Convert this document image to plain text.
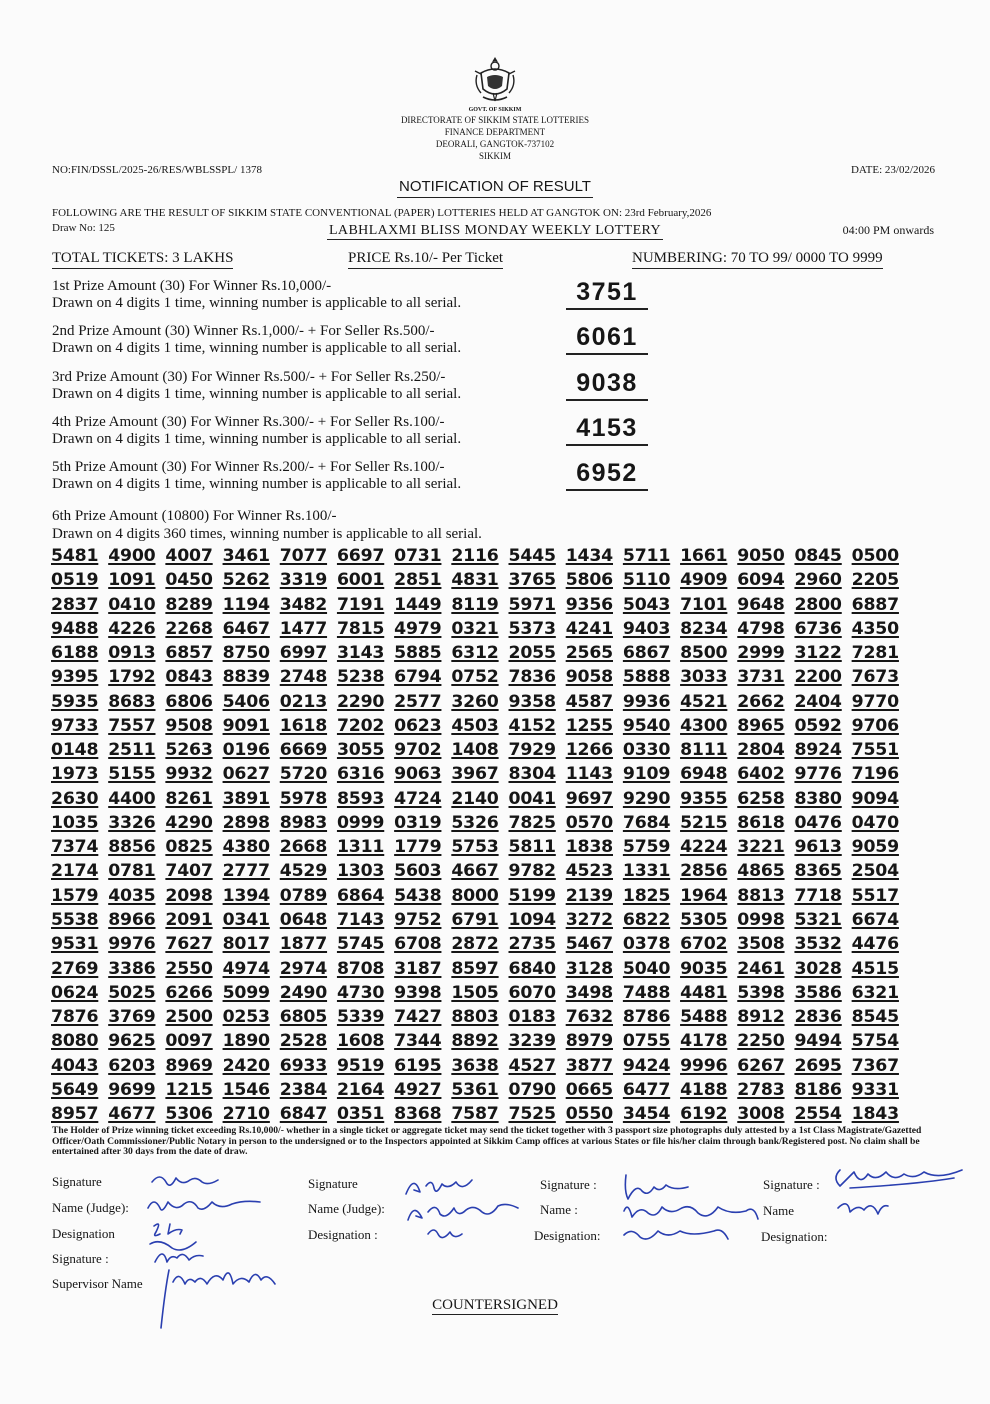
GOVT. OF SIKKIM
DIRECTORATE OF SIKKIM STATE LOTTERIES
FINANCE DEPARTMENT
DEORALI, GANGTOK-737102
SIKKIM
NO:FIN/DSSL/2025-26/RES/WBLSSPL/ 1378	DATE: 23/02/2026
NOTIFICATION OF RESULT
FOLLOWING ARE THE RESULT OF SIKKIM STATE CONVENTIONAL (PAPER) LOTTERIES HELD AT GANGTOK ON: 23rd February,2026
Draw No: 125	LABHLAXMI BLISS MONDAY WEEKLY LOTTERY	04:00 PM onwards
TOTAL TICKETS: 3 LAKHS	PRICE Rs.10/- Per Ticket	NUMBERING: 70 TO 99/ 0000 TO 9999
1st Prize Amount (30) For Winner Rs.10,000/-
Drawn on 4 digits 1 time, winning number is applicable to all serial.	3751
2nd Prize Amount (30) Winner Rs.1,000/- + For Seller Rs.500/-
Drawn on 4 digits 1 time, winning number is applicable to all serial.	6061
3rd Prize Amount (30) For Winner Rs.500/- + For Seller Rs.250/-
Drawn on 4 digits 1 time, winning number is applicable to all serial.	9038
4th Prize Amount (30) For Winner Rs.300/- + For Seller Rs.100/-
Drawn on 4 digits 1 time, winning number is applicable to all serial.	4153
5th Prize Amount (30) For Winner Rs.200/- + For Seller Rs.100/-
Drawn on 4 digits 1 time, winning number is applicable to all serial.	6952
6th Prize Amount (10800) For Winner Rs.100/-
Drawn on 4 digits 360 times, winning number is applicable to all serial.
5481 4900 4007 3461 7077 6697 0731 2116 5445 1434 5711 1661 9050 0845 0500
0519 1091 0450 5262 3319 6001 2851 4831 3765 5806 5110 4909 6094 2960 2205
2837 0410 8289 1194 3482 7191 1449 8119 5971 9356 5043 7101 9648 2800 6887
9488 4226 2268 6467 1477 7815 4979 0321 5373 4241 9403 8234 4798 6736 4350
6188 0913 6857 8750 6997 3143 5885 6312 2055 2565 6867 8500 2999 3122 7281
9395 1792 0843 8839 2748 5238 6794 0752 7836 9058 5888 3033 3731 2200 7673
5935 8683 6806 5406 0213 2290 2577 3260 9358 4587 9936 4521 2662 2404 9770
9733 7557 9508 9091 1618 7202 0623 4503 4152 1255 9540 4300 8965 0592 9706
0148 2511 5263 0196 6669 3055 9702 1408 7929 1266 0330 8111 2804 8924 7551
1973 5155 9932 0627 5720 6316 9063 3967 8304 1143 9109 6948 6402 9776 7196
2630 4400 8261 3891 5978 8593 4724 2140 0041 9697 9290 9355 6258 8380 9094
1035 3326 4290 2898 8983 0999 0319 5326 7825 0570 7684 5215 8618 0476 0470
7374 8856 0825 4380 2668 1311 1779 5753 5811 1838 5759 4224 3221 9613 9059
2174 0781 7407 2777 4529 1303 5603 4667 9782 4523 1331 2856 4865 8365 2504
1579 4035 2098 1394 0789 6864 5438 8000 5199 2139 1825 1964 8813 7718 5517
5538 8966 2091 0341 0648 7143 9752 6791 1094 3272 6822 5305 0998 5321 6674
9531 9976 7627 8017 1877 5745 6708 2872 2735 5467 0378 6702 3508 3532 4476
2769 3386 2550 4974 2974 8708 3187 8597 6840 3128 5040 9035 2461 3028 4515
0624 5025 6266 5099 2490 4730 9398 1505 6070 3498 7488 4481 5398 3586 6321
7876 3769 2500 0253 6805 5339 7427 8803 0183 7632 8786 5488 8912 2836 8545
8080 9625 0097 1890 2528 1608 7344 8892 3239 8979 0755 4178 2250 9494 5754
4043 6203 8969 2420 6933 9519 6195 3638 4527 3877 9424 9996 6267 2695 7367
5649 9699 1215 1546 2384 2164 4927 5361 0790 0665 6477 4188 2783 8186 9331
8957 4677 5306 2710 6847 0351 8368 7587 7525 0550 3454 6192 3008 2554 1843
The Holder of Prize winning ticket exceeding Rs.10,000/- whether in a single ticket or aggregate ticket may send the ticket together with 3 passport size photographs duly attested by a 1st Class Magistrate/Gazetted Officer/Oath Commissioner/Public Notary in person to the undersigned or to the Inspectors appointed at Sikkim Camp offices at various States or file his/her claim through bank/Registered post. No claim shall be entertained after 30 days from the date of draw.
Signature
Name (Judge):
Designation
Signature :
Supervisor Name
Signature
Name (Judge):
Designation :
Signature :
Name :
Designation:
Signature :
Name
Designation:
COUNTERSIGNED
